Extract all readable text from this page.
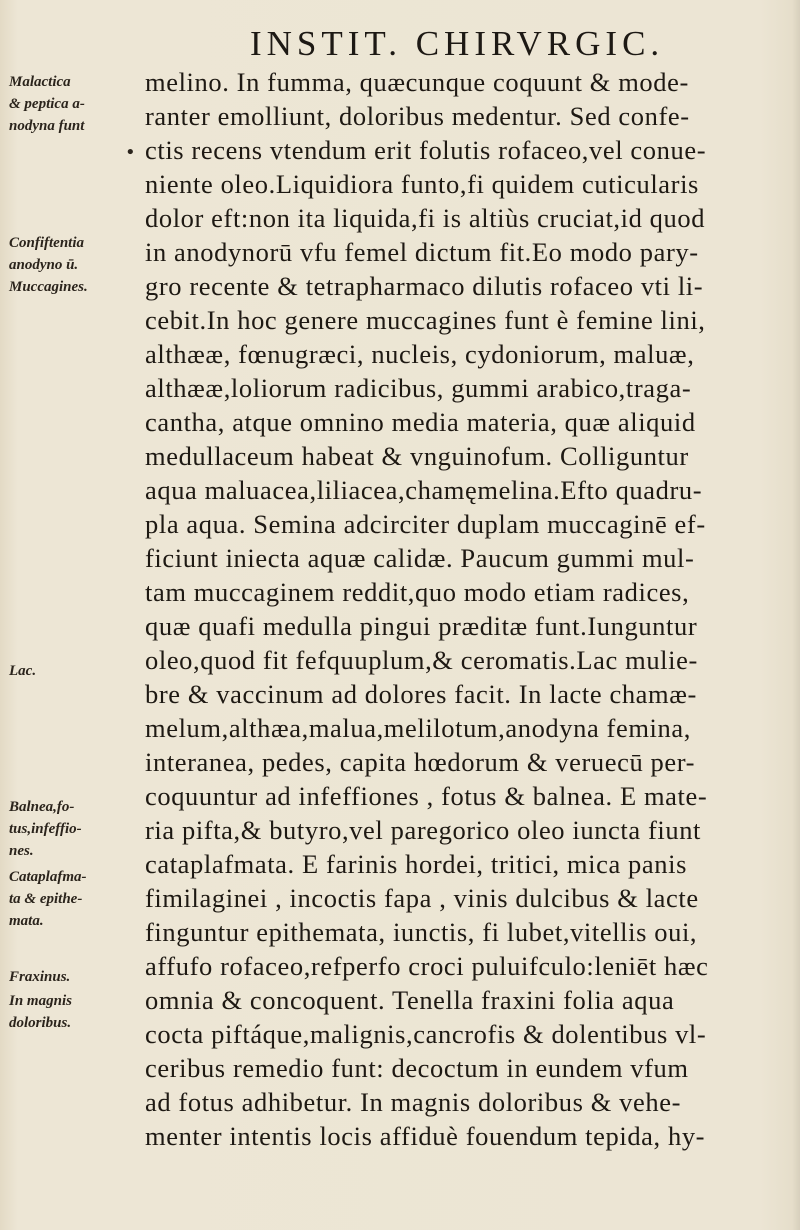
INSTIT. CHIRVRGIC.
melino. In fumma, quæcunque coquunt & mode-
ranter emolliunt, doloribus medentur. Sed confe-
ctis recens vtendum erit folutis rofaceo,vel conue-
niente oleo.Liquidiora funto,fi quidem cuticularis
dolor eft:non ita liquida,fi is altiùs cruciat,id quod
in anodynorū vfu femel dictum fit.Eo modo pary-
gro recente & tetrapharmaco dilutis rofaceo vti li-
cebit.In hoc genere muccagines funt è femine lini,
althææ, fœnugræci, nucleis, cydoniorum, maluæ,
althææ,loliorum radicibus, gummi arabico,traga-
cantha, atque omnino media materia, quæ aliquid
medullaceum habeat & vnguinofum. Colliguntur
aqua maluacea,liliacea,chamęmelina.Efto quadru-
pla aqua. Semina adcirciter duplam muccaginē ef-
ficiunt iniecta aquæ calidæ. Paucum gummi mul-
tam muccaginem reddit,quo modo etiam radices,
quæ quafi medulla pingui præditæ funt.Iunguntur
oleo,quod fit fefquuplum,& ceromatis.Lac mulie-
bre & vaccinum ad dolores facit. In lacte chamæ-
melum,althæa,malua,melilotum,anodyna femina,
interanea, pedes, capita hœdorum & veruecū per-
coquuntur ad infeffiones , fotus & balnea. E mate-
ria pifta,& butyro,vel paregorico oleo iuncta fiunt
cataplafmata. E farinis hordei, tritici, mica panis
fimilaginei , incoctis fapa , vinis dulcibus & lacte
finguntur epithemata, iunctis, fi lubet,vitellis oui,
affufo rofaceo,refperfo croci puluifculo:leniēt hæc
omnia & concoquent. Tenella fraxini folia aqua
cocta piftáque,malignis,cancrofis & dolentibus vl-
ceribus remedio funt: decoctum in eundem vfum
ad fotus adhibetur. In magnis doloribus & vehe-
menter intentis locis affiduè fouendum tepida, hy-
Malactica
& peptica a-
nodyna funt
•
Confiftentia
anodyno ū.
Muccagines.
Lac.
Balnea,fo-
tus,infeffio-
nes.
Cataplafma-
ta & epithe-
mata.
Fraxinus.
In magnis
doloribus.
